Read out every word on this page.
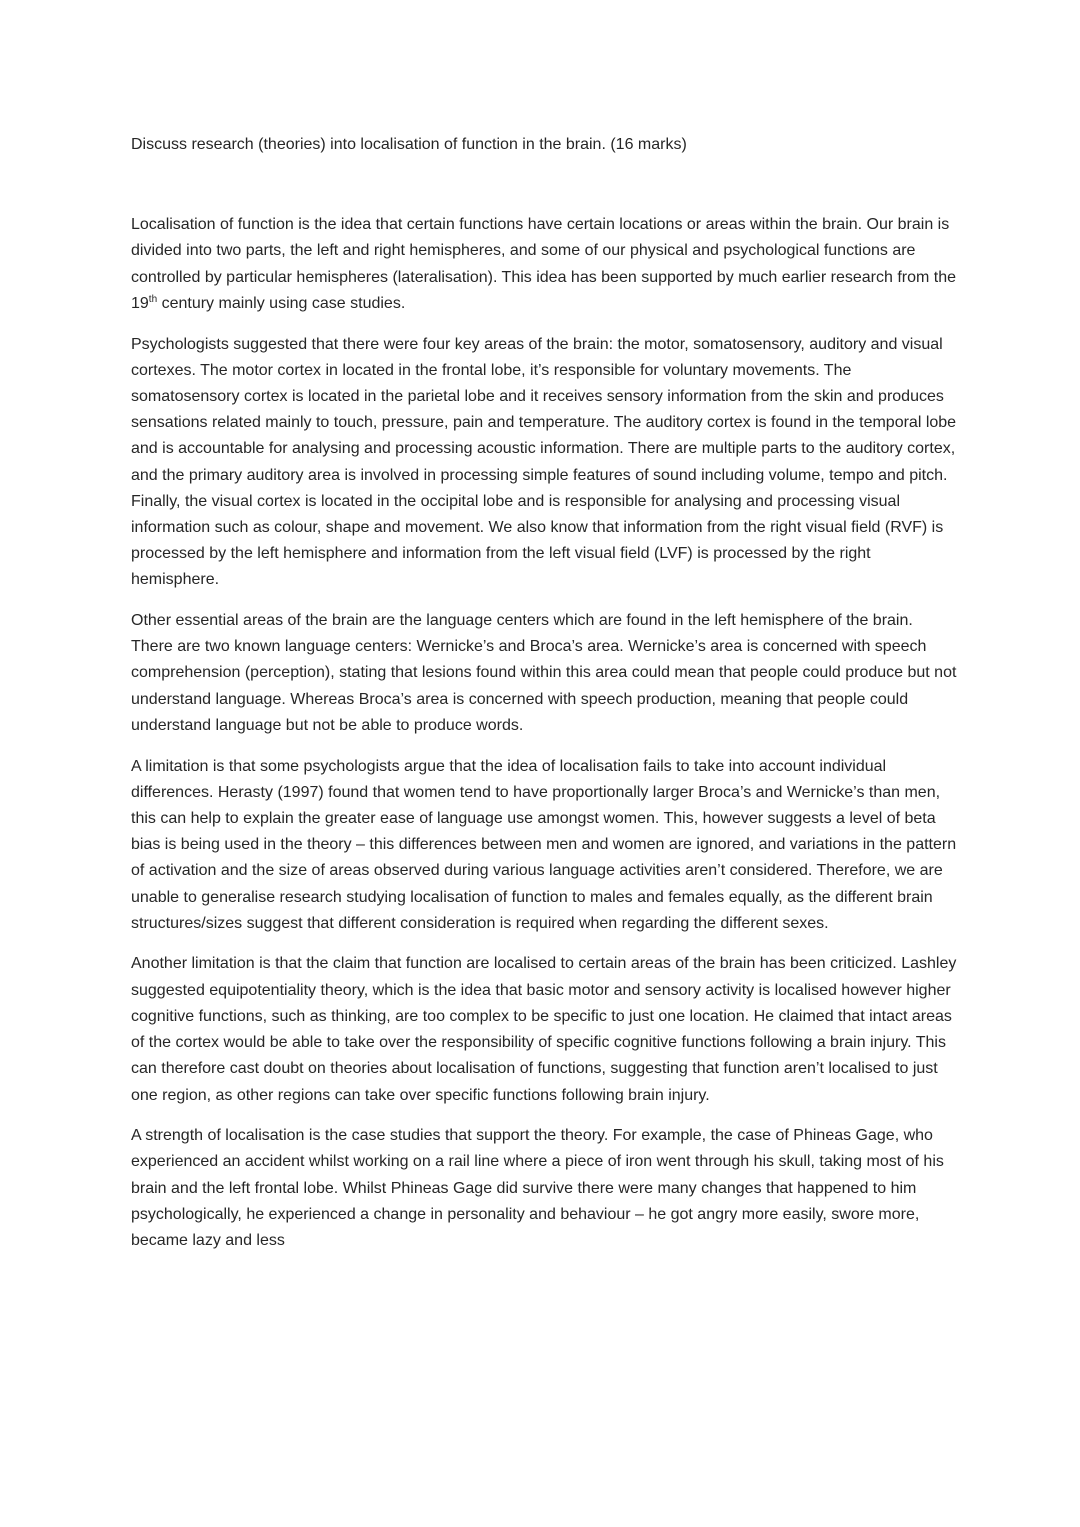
Discuss research (theories) into localisation of function in the brain. (16 marks)

Localisation of function is the idea that certain functions have certain locations or areas within the brain. Our brain is divided into two parts, the left and right hemispheres, and some of our physical and psychological functions are controlled by particular hemispheres (lateralisation). This idea has been supported by much earlier research from the 19th century mainly using case studies.

Psychologists suggested that there were four key areas of the brain: the motor, somatosensory, auditory and visual cortexes. The motor cortex in located in the frontal lobe, it’s responsible for voluntary movements. The somatosensory cortex is located in the parietal lobe and it receives sensory information from the skin and produces sensations related mainly to touch, pressure, pain and temperature. The auditory cortex is found in the temporal lobe and is accountable for analysing and processing acoustic information. There are multiple parts to the auditory cortex, and the primary auditory area is involved in processing simple features of sound including volume, tempo and pitch. Finally, the visual cortex is located in the occipital lobe and is responsible for analysing and processing visual information such as colour, shape and movement. We also know that information from the right visual field (RVF) is processed by the left hemisphere and information from the left visual field (LVF) is processed by the right hemisphere.

Other essential areas of the brain are the language centers which are found in the left hemisphere of the brain. There are two known language centers: Wernicke’s and Broca’s area. Wernicke’s area is concerned with speech comprehension (perception), stating that lesions found within this area could mean that people could produce but not understand language. Whereas Broca’s area is concerned with speech production, meaning that people could understand language but not be able to produce words.

A limitation is that some psychologists argue that the idea of localisation fails to take into account individual differences. Herasty (1997) found that women tend to have proportionally larger Broca’s and Wernicke’s than men, this can help to explain the greater ease of language use amongst women. This, however suggests a level of beta bias is being used in the theory – this differences between men and women are ignored, and variations in the pattern of activation and the size of areas observed during various language activities aren’t considered. Therefore, we are unable to generalise research studying localisation of function to males and females equally, as the different brain structures/sizes suggest that different consideration is required when regarding the different sexes.

Another limitation is that the claim that function are localised to certain areas of the brain has been criticized. Lashley suggested equipotentiality theory, which is the idea that basic motor and sensory activity is localised however higher cognitive functions, such as thinking, are too complex to be specific to just one location. He claimed that intact areas of the cortex would be able to take over the responsibility of specific cognitive functions following a brain injury. This can therefore cast doubt on theories about localisation of functions, suggesting that function aren’t localised to just one region, as other regions can take over specific functions following brain injury.

A strength of localisation is the case studies that support the theory. For example, the case of Phineas Gage, who experienced an accident whilst working on a rail line where a piece of iron went through his skull, taking most of his brain and the left frontal lobe. Whilst Phineas Gage did survive there were many changes that happened to him psychologically, he experienced a change in personality and behaviour – he got angry more easily, swore more, became lazy and less
